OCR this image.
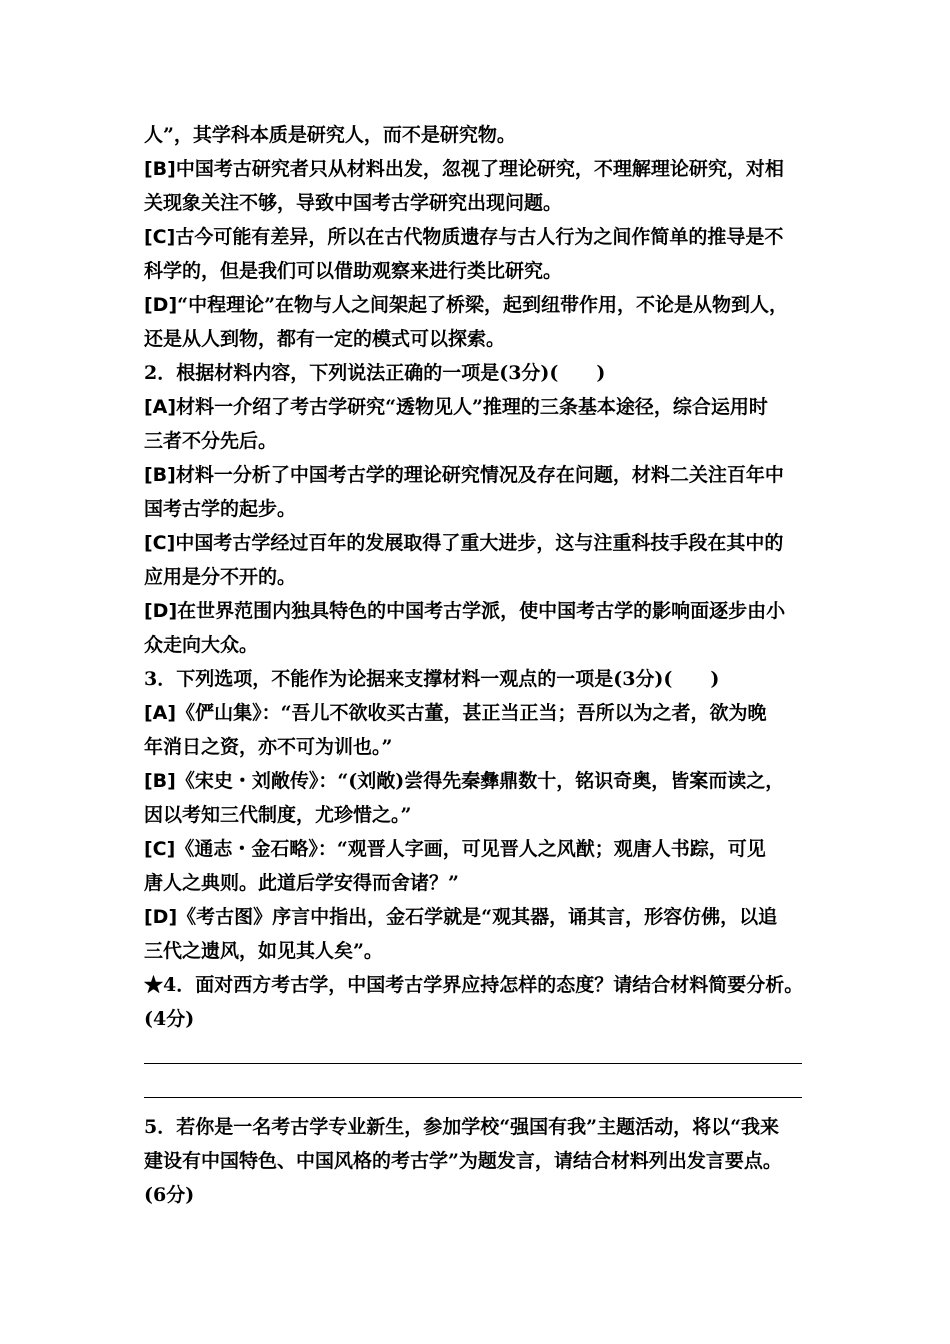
人”，其学科本质是研究人，而不是研究物。
[B]中国考古研究者只从材料出发，忽视了理论研究，不理解理论研究，对相
关现象关注不够，导致中国考古学研究出现问题。
[C]古今可能有差异，所以在古代物质遗存与古人行为之间作简单的推导是不
科学的，但是我们可以借助观察来进行类比研究。
[D]“中程理论”在物与人之间架起了桥梁，起到纽带作用，不论是从物到人，
还是从人到物，都有一定的模式可以探索。
2．根据材料内容，下列说法正确的一项是(3分)(　　)
[A]材料一介绍了考古学研究“透物见人”推理的三条基本途径，综合运用时
三者不分先后。
[B]材料一分析了中国考古学的理论研究情况及存在问题，材料二关注百年中
国考古学的起步。
[C]中国考古学经过百年的发展取得了重大进步，这与注重科技手段在其中的
应用是分不开的。
[D]在世界范围内独具特色的中国考古学派，使中国考古学的影响面逐步由小
众走向大众。
3．下列选项，不能作为论据来支撑材料一观点的一项是(3分)(　　)
[A]《俨山集》：“吾儿不欲收买古董，甚正当正当；吾所以为之者，欲为晚
年消日之资，亦不可为训也。”
[B]《宋史・刘敞传》：“(刘敞)尝得先秦彝鼎数十，铭识奇奥，皆案而读之，
因以考知三代制度，尤珍惜之。”
[C]《通志・金石略》：“观晋人字画，可见晋人之风猷；观唐人书踪，可见
唐人之典则。此道后学安得而舍诸？”
[D]《考古图》序言中指出，金石学就是“观其器，诵其言，形容仿佛，以追
三代之遗风，如见其人矣”。
★4．面对西方考古学，中国考古学界应持怎样的态度？请结合材料简要分析。
(4分)
5．若你是一名考古学专业新生，参加学校“强国有我”主题活动，将以“我来
建设有中国特色、中国风格的考古学”为题发言，请结合材料列出发言要点。
(6分)
